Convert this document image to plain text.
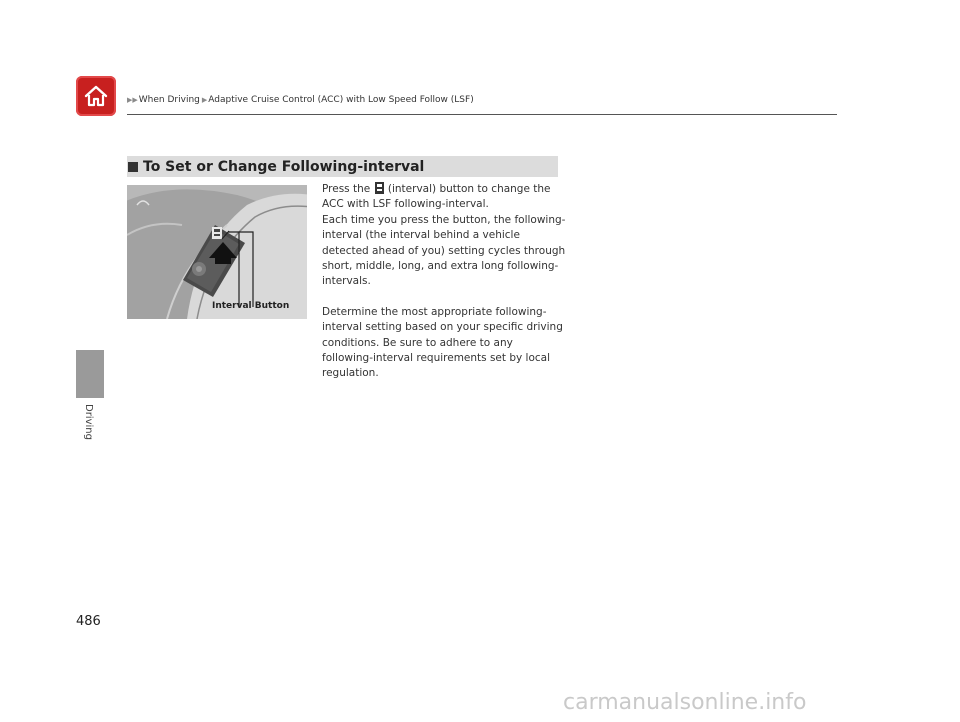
▶▶ When Driving ▶ Adaptive Cruise Control (ACC) with Low Speed Follow (LSF)
Driving
To Set or Change Following-interval
Interval Button

Press the  (interval) button to change the ACC with LSF following-interval.

Each time you press the button, the following-interval (the interval behind a vehicle detected ahead of you) setting cycles through short, middle, long, and extra long following-intervals.

Determine the most appropriate following-interval setting based on your specific driving conditions. Be sure to adhere to any following-interval requirements set by local regulation.

486
carmanualsonline.info
